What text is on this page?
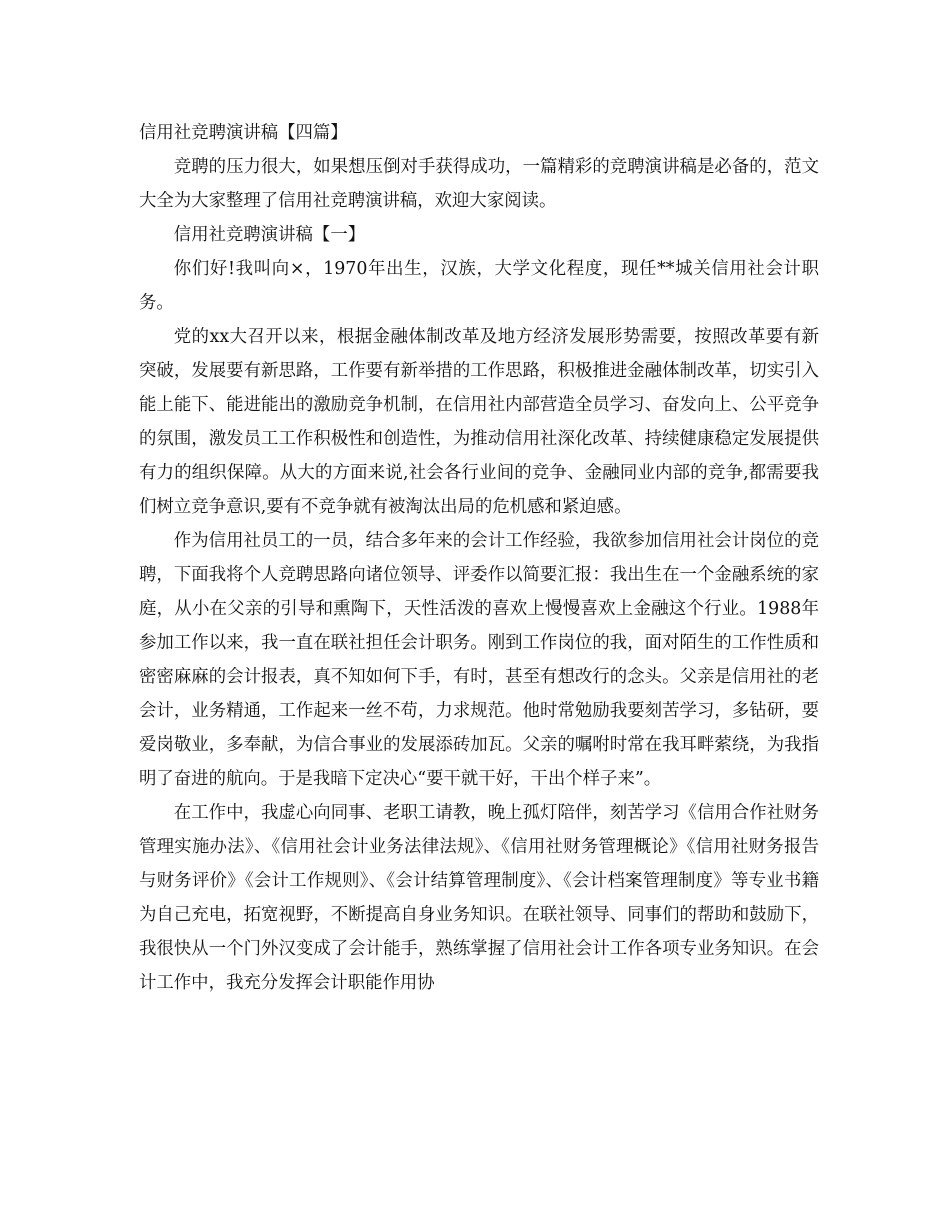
信用社竞聘演讲稿【四篇】

竞聘的压力很大，如果想压倒对手获得成功，一篇精彩的竞聘演讲稿是必备的，范文大全为大家整理了信用社竞聘演讲稿，欢迎大家阅读。

信用社竞聘演讲稿【一】

你们好!我叫向×，1970年出生，汉族，大学文化程度，现任**城关信用社会计职务。

党的xx大召开以来，根据金融体制改革及地方经济发展形势需要，按照改革要有新突破，发展要有新思路，工作要有新举措的工作思路，积极推进金融体制改革，切实引入能上能下、能进能出的激励竞争机制，在信用社内部营造全员学习、奋发向上、公平竞争的氛围，激发员工工作积极性和创造性，为推动信用社深化改革、持续健康稳定发展提供有力的组织保障。从大的方面来说,社会各行业间的竞争、金融同业内部的竞争,都需要我们树立竞争意识,要有不竞争就有被淘汰出局的危机感和紧迫感。

作为信用社员工的一员，结合多年来的会计工作经验，我欲参加信用社会计岗位的竞聘，下面我将个人竞聘思路向诸位领导、评委作以简要汇报：我出生在一个金融系统的家庭，从小在父亲的引导和熏陶下，天性活泼的喜欢上慢慢喜欢上金融这个行业。1988年参加工作以来，我一直在联社担任会计职务。刚到工作岗位的我，面对陌生的工作性质和密密麻麻的会计报表，真不知如何下手，有时，甚至有想改行的念头。父亲是信用社的老会计，业务精通，工作起来一丝不苟，力求规范。他时常勉励我要刻苦学习，多钻研，要爱岗敬业，多奉献，为信合事业的发展添砖加瓦。父亲的嘱咐时常在我耳畔萦绕，为我指明了奋进的航向。于是我暗下定决心“要干就干好，干出个样子来”。

在工作中，我虚心向同事、老职工请教，晚上孤灯陪伴，刻苦学习《信用合作社财务管理实施办法》、《信用社会计业务法律法规》、《信用社财务管理概论》《信用社财务报告与财务评价》《会计工作规则》、《会计结算管理制度》、《会计档案管理制度》等专业书籍为自己充电，拓宽视野，不断提高自身业务知识。在联社领导、同事们的帮助和鼓励下，我很快从一个门外汉变成了会计能手，熟练掌握了信用社会计工作各项专业务知识。在会计工作中，我充分发挥会计职能作用协
